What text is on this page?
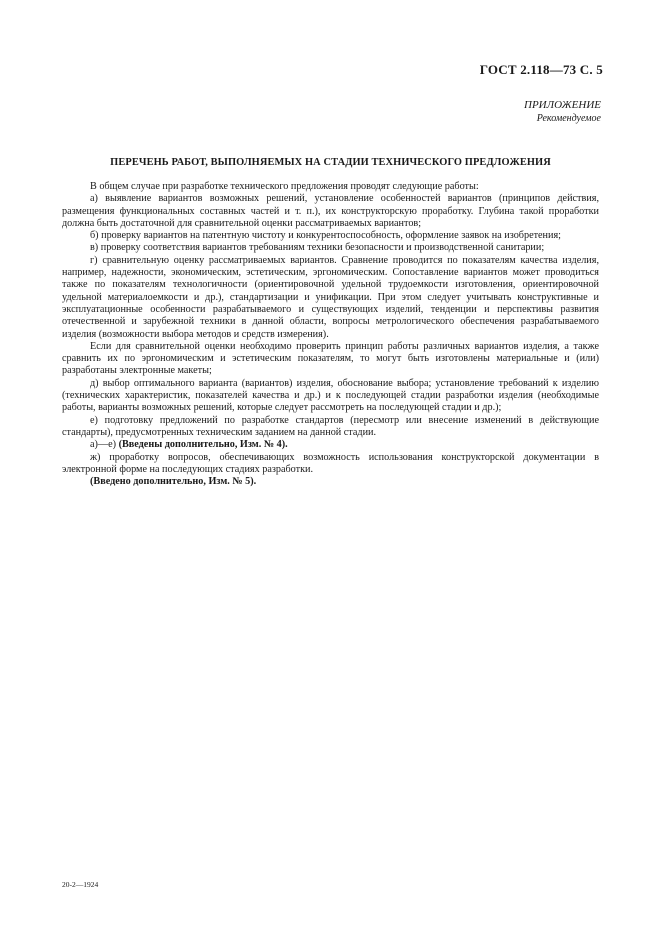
ГОСТ 2.118—73 С. 5
ПРИЛОЖЕНИЕ
Рекомендуемое
ПЕРЕЧЕНЬ РАБОТ, ВЫПОЛНЯЕМЫХ НА СТАДИИ ТЕХНИЧЕСКОГО ПРЕДЛОЖЕНИЯ

В общем случае при разработке технического предложения проводят следующие работы:

а) выявление вариантов возможных решений, установление особенностей вариантов (принципов действия, размещения функциональных составных частей и т. п.), их конструкторскую проработку. Глубина такой проработки должна быть достаточной для сравнительной оценки рассматриваемых вариантов;

б) проверку вариантов на патентную чистоту и конкурентоспособность, оформление заявок на изобретения;

в) проверку соответствия вариантов требованиям техники безопасности и производственной санитарии;

г) сравнительную оценку рассматриваемых вариантов. Сравнение проводится по показателям качества изделия, например, надежности, экономическим, эстетическим, эргономическим. Сопоставление вариантов может проводиться также по показателям технологичности (ориентировочной удельной трудоемкости изготовления, ориентировочной удельной материалоемкости и др.), стандартизации и унификации. При этом следует учитывать конструктивные и эксплуатационные особенности разрабатываемого и существующих изделий, тенденции и перспективы развития отечественной и зарубежной техники в данной области, вопросы метрологического обеспечения разрабатываемого изделия (возможности выбора методов и средств измерения).

Если для сравнительной оценки необходимо проверить принцип работы различных вариантов изделия, а также сравнить их по эргономическим и эстетическим показателям, то могут быть изготовлены материальные и (или) разработаны электронные макеты;

д) выбор оптимального варианта (вариантов) изделия, обоснование выбора; установление требований к изделию (технических характеристик, показателей качества и др.) и к последующей стадии разработки изделия (необходимые работы, варианты возможных решений, которые следует рассмотреть на последующей стадии и др.);

е) подготовку предложений по разработке стандартов (пересмотр или внесение изменений в действующие стандарты), предусмотренных техническим заданием на данной стадии.

а)—е) (Введены дополнительно, Изм. № 4).

ж) проработку вопросов, обеспечивающих возможность использования конструкторской документации в электронной форме на последующих стадиях разработки.

(Введено дополнительно, Изм. № 5).

20-2—1924
